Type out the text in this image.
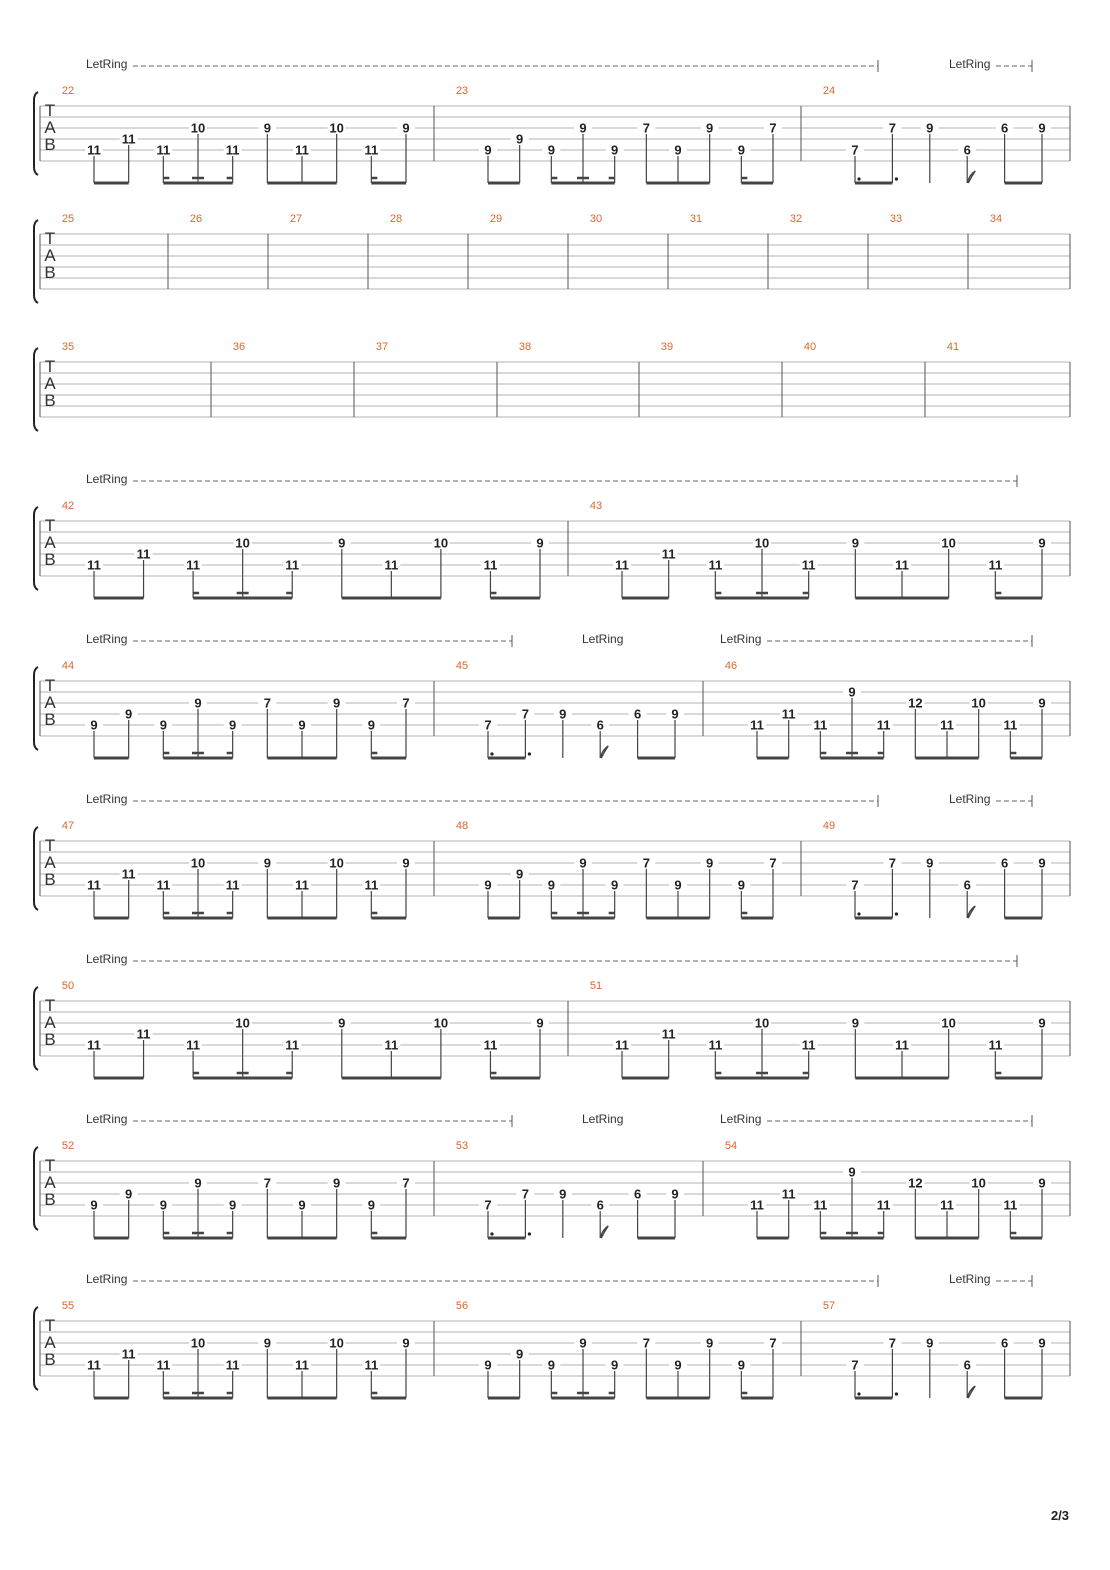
T
A
B
22
11
11
11
10
11
9
11
10
11
9
23
9
9
9
9
9
7
9
9
9
7
24
7
7 9
6
6 9
LetRing	LetRing
T
A
B
25	26	27	28	29	30	31	32	33	34
T
A
B
35	36	37	38	39	40	41
T
A
B
42
11
11
11
10
11
9
11
10
11
9
43
11
11
11
10
11
9
11
10
11
9
LetRing
T
A
B
44
9
9
9
9
9
7
9
9
9
7
45
7
7 9
6
6 9
46
11
11
11
9
11
12
11
10
11
9
LetRing	LetRing	LetRing
T
A
B
47
11
11
11
10
11
9
11
10
11
9
48
9
9
9
9
9
7
9
9
9
7
49
7
7 9
6
6 9
LetRing	LetRing
T
A
B
50
11
11
11
10
11
9
11
10
11
9
51
11
11
11
10
11
9
11
10
11
9
LetRing
T
A
B
52
9
9
9
9
9
7
9
9
9
7
53
7
7 9
6
6 9
54
11
11
11
9
11
12
11
10
11
9
LetRing	LetRing	LetRing
T
A
B
55
11
11
11
10
11
9
11
10
11
9
56
9
9
9
9
9
7
9
9
9
7
57
7
7 9
6
6 9
LetRing	LetRing
2/3
